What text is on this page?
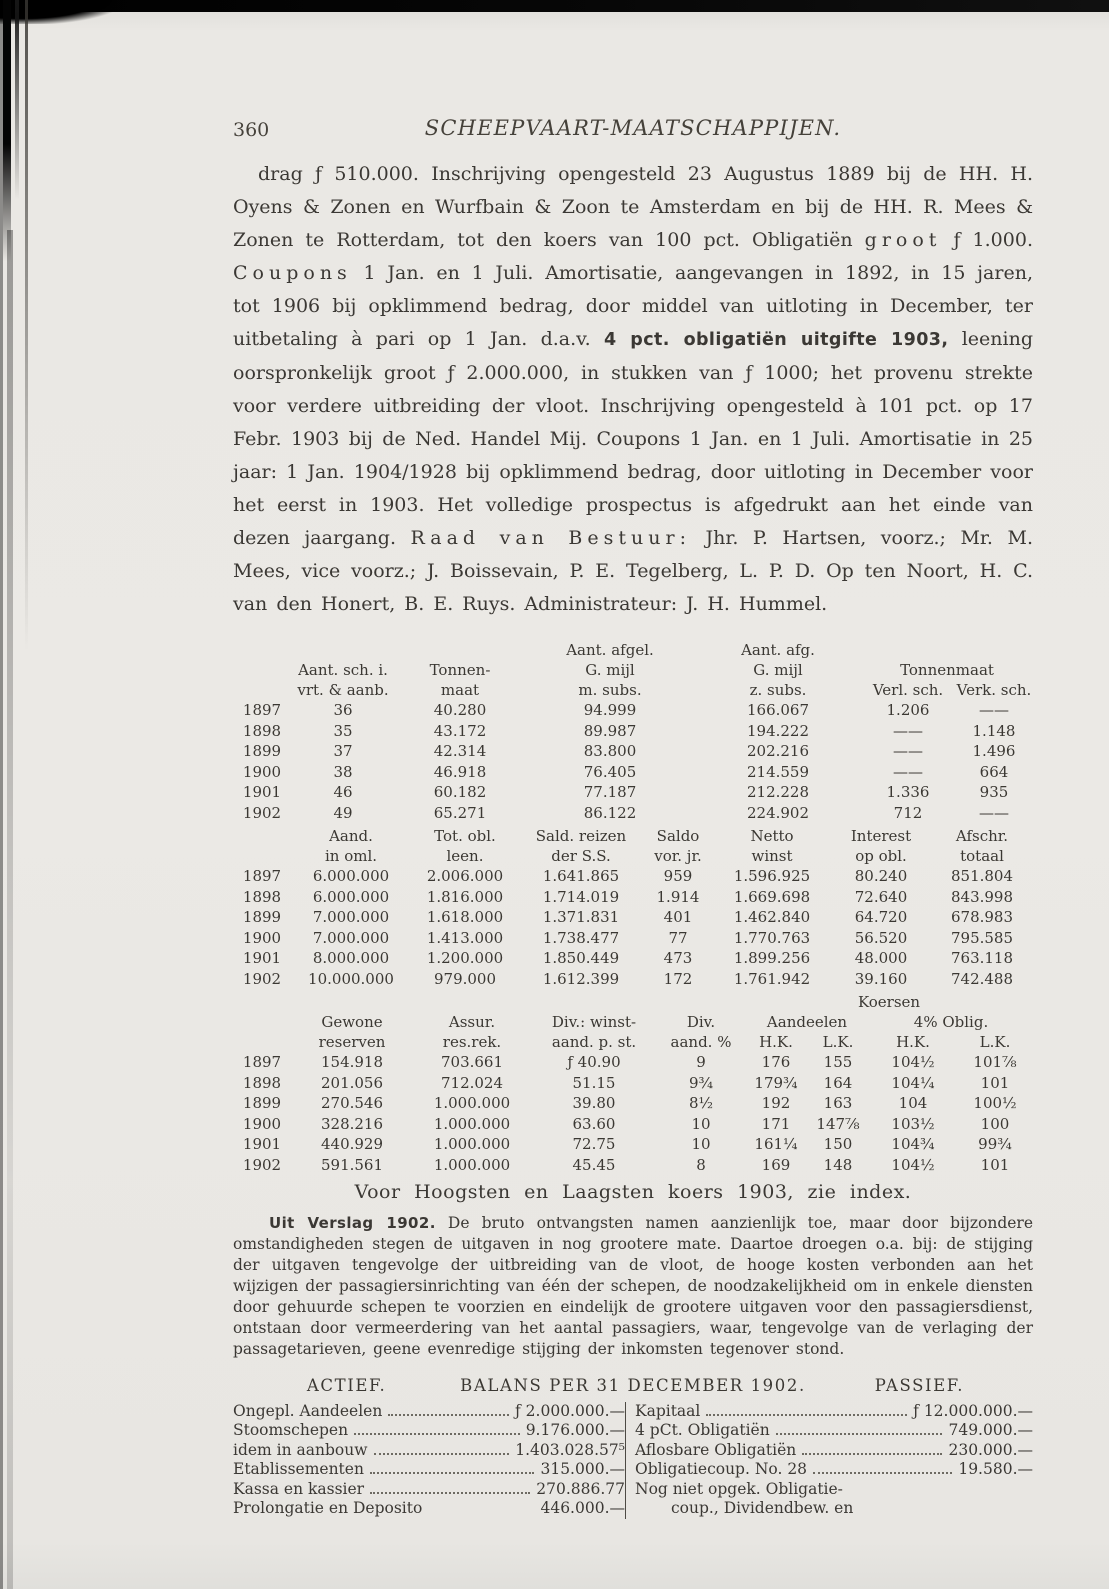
360	SCHEEPVAART-MAATSCHAPPIJEN.

drag ƒ 510.000. Inschrijving opengesteld 23 Augustus 1889 bij de HH. H. Oyens & Zonen en Wurfbain & Zoon te Amsterdam en bij de HH. R. Mees & Zonen te Rotterdam, tot den koers van 100 pct. Obligatiën groot ƒ 1.000. Coupons 1 Jan. en 1 Juli. Amortisatie, aangevangen in 1892, in 15 jaren, tot 1906 bij opklimmend bedrag, door middel van uitloting in December, ter uitbetaling à pari op 1 Jan. d.a.v. 4 pct. obligatiën uitgifte 1903, leening oorspronkelijk groot ƒ 2.000.000, in stukken van ƒ 1000; het provenu strekte voor verdere uitbreiding der vloot. Inschrijving opengesteld à 101 pct. op 17 Febr. 1903 bij de Ned. Handel Mij. Coupons 1 Jan. en 1 Juli. Amortisatie in 25 jaar: 1 Jan. 1904/1928 bij opklimmend bedrag, door uitloting in December voor het eerst in 1903. Het volledige prospectus is afgedrukt aan het einde van dezen jaargang. Raad van Bestuur: Jhr. P. Hartsen, voorz.; Mr. M. Mees, vice voorz.; J. Boissevain, P. E. Tegelberg, L. P. D. Op ten Noort, H. C. van den Honert, B. E. Ruys. Administrateur: J. H. Hummel.

			Aant. afgel.	Aant. afg.		
	Aant. sch. i.	Tonnen-	G. mijl	G. mijl	Tonnenmaat	
	vrt. & aanb.	maat	m. subs.	z. subs.	Verl. sch.	Verk. sch.
1897	36	40.280	94.999	166.067	1.206	——
1898	35	43.172	89.987	194.222	——	1.148
1899	37	42.314	83.800	202.216	——	1.496
1900	38	46.918	76.405	214.559	——	664
1901	46	60.182	77.187	212.228	1.336	935
1902	49	65.271	86.122	224.902	712	——
	Aand.	Tot. obl.	Sald. reizen	Saldo	Netto	Interest	Afschr.
	in oml.	leen.	der S.S.	vor. jr.	winst	op obl.	totaal
1897	6.000.000	2.006.000	1.641.865	959	1.596.925	80.240	851.804
1898	6.000.000	1.816.000	1.714.019	1.914	1.669.698	72.640	843.998
1899	7.000.000	1.618.000	1.371.831	401	1.462.840	64.720	678.983
1900	7.000.000	1.413.000	1.738.477	77	1.770.763	56.520	795.585
1901	8.000.000	1.200.000	1.850.449	473	1.899.256	48.000	763.118
1902	10.000.000	979.000	1.612.399	172	1.761.942	39.160	742.488
					Koersen			
	Gewone	Assur.	Div.: winst-	Div.	Aandeelen		4% Oblig.	
	reserven	res.rek.	aand. p. st.	aand. %	H.K.	L.K.	H.K.	L.K.
1897	154.918	703.661	ƒ 40.90	9	176	155	104½	101⅞
1898	201.056	712.024	51.15	9¾	179¾	164	104¼	101
1899	270.546	1.000.000	39.80	8½	192	163	104	100½
1900	328.216	1.000.000	63.60	10	171	147⅞	103½	100
1901	440.929	1.000.000	72.75	10	161¼	150	104¾	99¾
1902	591.561	1.000.000	45.45	8	169	148	104½	101
Voor Hoogsten en Laagsten koers 1903, zie index.

Uit Verslag 1902. De bruto ontvangsten namen aanzienlijk toe, maar door bijzondere omstandigheden stegen de uitgaven in nog grootere mate. Daartoe droegen o.a. bij: de stijging der uitgaven tengevolge der uitbreiding van de vloot, de hooge kosten verbonden aan het wijzigen der passagiersinrichting van één der schepen, de noodzakelijkheid om in enkele diensten door gehuurde schepen te voorzien en eindelijk de grootere uitgaven voor den passagiersdienst, ontstaan door vermeerdering van het aantal passagiers, waar, tengevolge van de verlaging der passagetarieven, geene evenredige stijging der inkomsten tegenover stond.

ACTIEF.	BALANS PER 31 DECEMBER 1902.	PASSIEF.
Ongepl. Aandeelen	ƒ 2.000.000.—
Stoomschepen	9.176.000.—
idem in aanbouw	1.403.028.57⁵
Etablissementen	315.000.—
Kassa en kassier	270.886.77
Prolongatie en Deposito	446.000.—
Kapitaal	ƒ 12.000.000.—
4 pCt. Obligatiën	749.000.—
Aflosbare Obligatiën	230.000.—
Obligatiecoup. No. 28	19.580.—
Nog niet opgek. Obligatie-
coup., Dividendbew. en
